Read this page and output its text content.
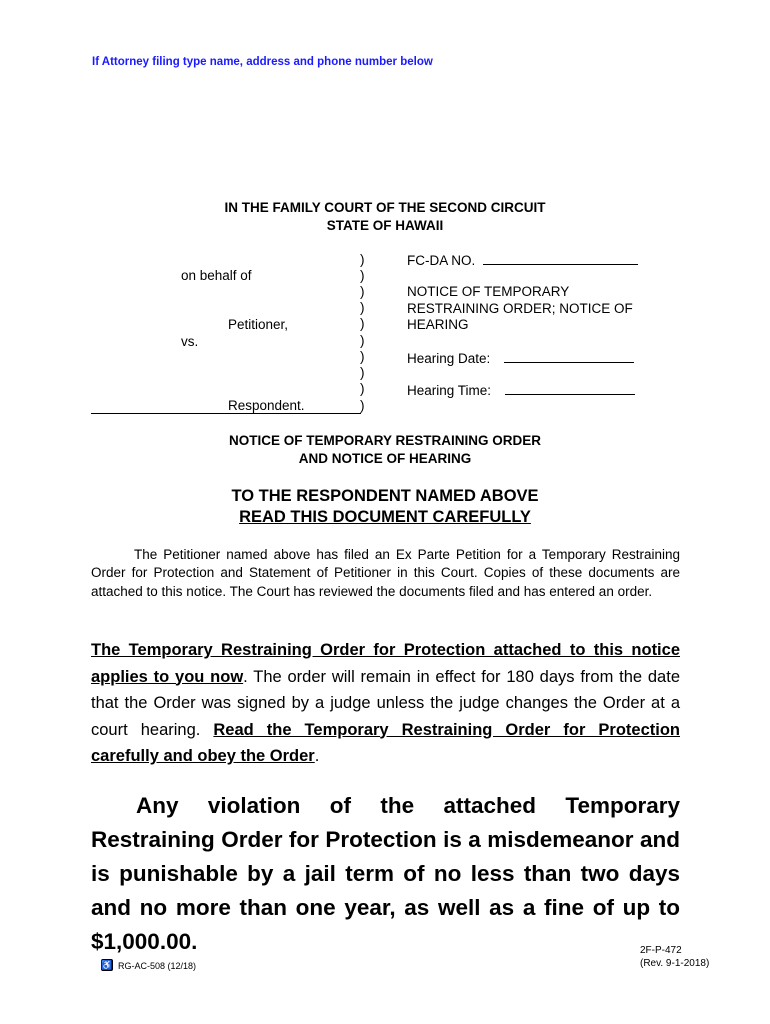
If Attorney filing type name, address and phone number below
IN THE FAMILY COURT OF THE SECOND CIRCUIT
STATE OF HAWAII
on behalf of
Petitioner,
vs.
Respondent.
)
)
)
)
)
)
)
)
)
)
FC-DA NO.
NOTICE OF TEMPORARY
RESTRAINING ORDER; NOTICE OF
HEARING
Hearing Date:
Hearing Time:
NOTICE OF TEMPORARY RESTRAINING ORDER
AND NOTICE OF HEARING
TO THE RESPONDENT NAMED ABOVE
READ THIS DOCUMENT CAREFULLY
The Petitioner named above has filed an Ex Parte Petition for a Temporary Restraining Order for Protection and Statement of Petitioner in this Court. Copies of these documents are attached to this notice. The Court has reviewed the documents filed and has entered an order.
The Temporary Restraining Order for Protection attached to this notice applies to you now. The order will remain in effect for 180 days from the date that the Order was signed by a judge unless the judge changes the Order at a court hearing. Read the Temporary Restraining Order for Protection carefully and obey the Order.
Any violation of the attached Temporary Restraining Order for Protection is a misdemeanor and is punishable by a jail term of no less than two days and no more than one year, as well as a fine of up to $1,000.00.	2F-P-472
(Rev. 9-1-2018)
♿ RG-AC-508 (12/18)
